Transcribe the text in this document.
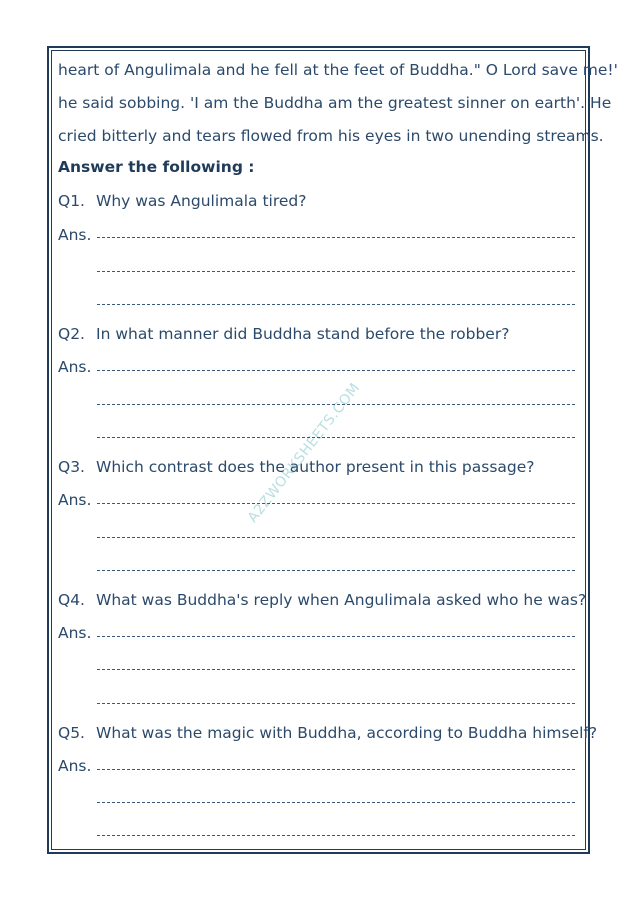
A2ZWORKSHEETS.COM
heart of Angulimala and he fell at the feet of Buddha." O Lord save me!'
he said sobbing. 'I am the Buddha am the greatest sinner on earth'. He
cried bitterly and tears flowed from his eyes in two unending streams.
Answer the following :
Q1. Why was Angulimala tired?
Ans.
Q2. In what manner did Buddha stand before the robber?
Ans.
Q3. Which contrast does the author present in this passage?
Ans.
Q4. What was Buddha's reply when Angulimala asked who he was?
Ans.
Q5. What was the magic with Buddha, according to Buddha himself?
Ans.
